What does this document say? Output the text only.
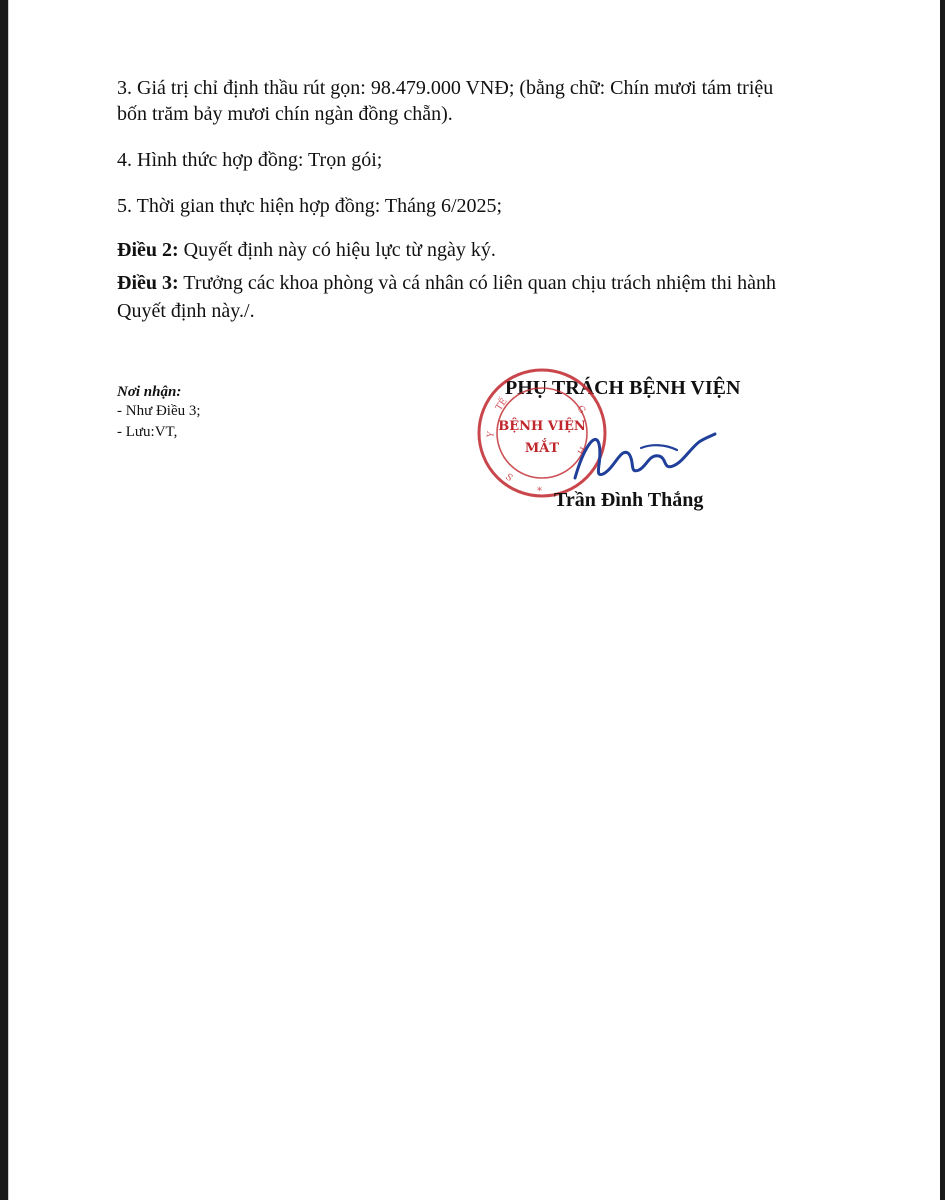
3. Giá trị chỉ định thầu rút gọn: 98.479.000 VNĐ; (bằng chữ: Chín mươi tám triệu
bốn trăm bảy mươi chín ngàn đồng chẵn).
4. Hình thức hợp đồng: Trọn gói;
5. Thời gian thực hiện hợp đồng: Tháng 6/2025;
Điều 2: Quyết định này có hiệu lực từ ngày ký.
Điều 3: Trưởng các khoa phòng và cá nhân có liên quan chịu trách nhiệm thi hành
Quyết định này./.
Nơi nhận:
- Như Điều 3;
- Lưu:VT,
PHỤ TRÁCH BỆNH VIỆN
Y
TẾ	G
H
S
*
BỆNH VIỆN
MẮT
Trần Đình Thắng
